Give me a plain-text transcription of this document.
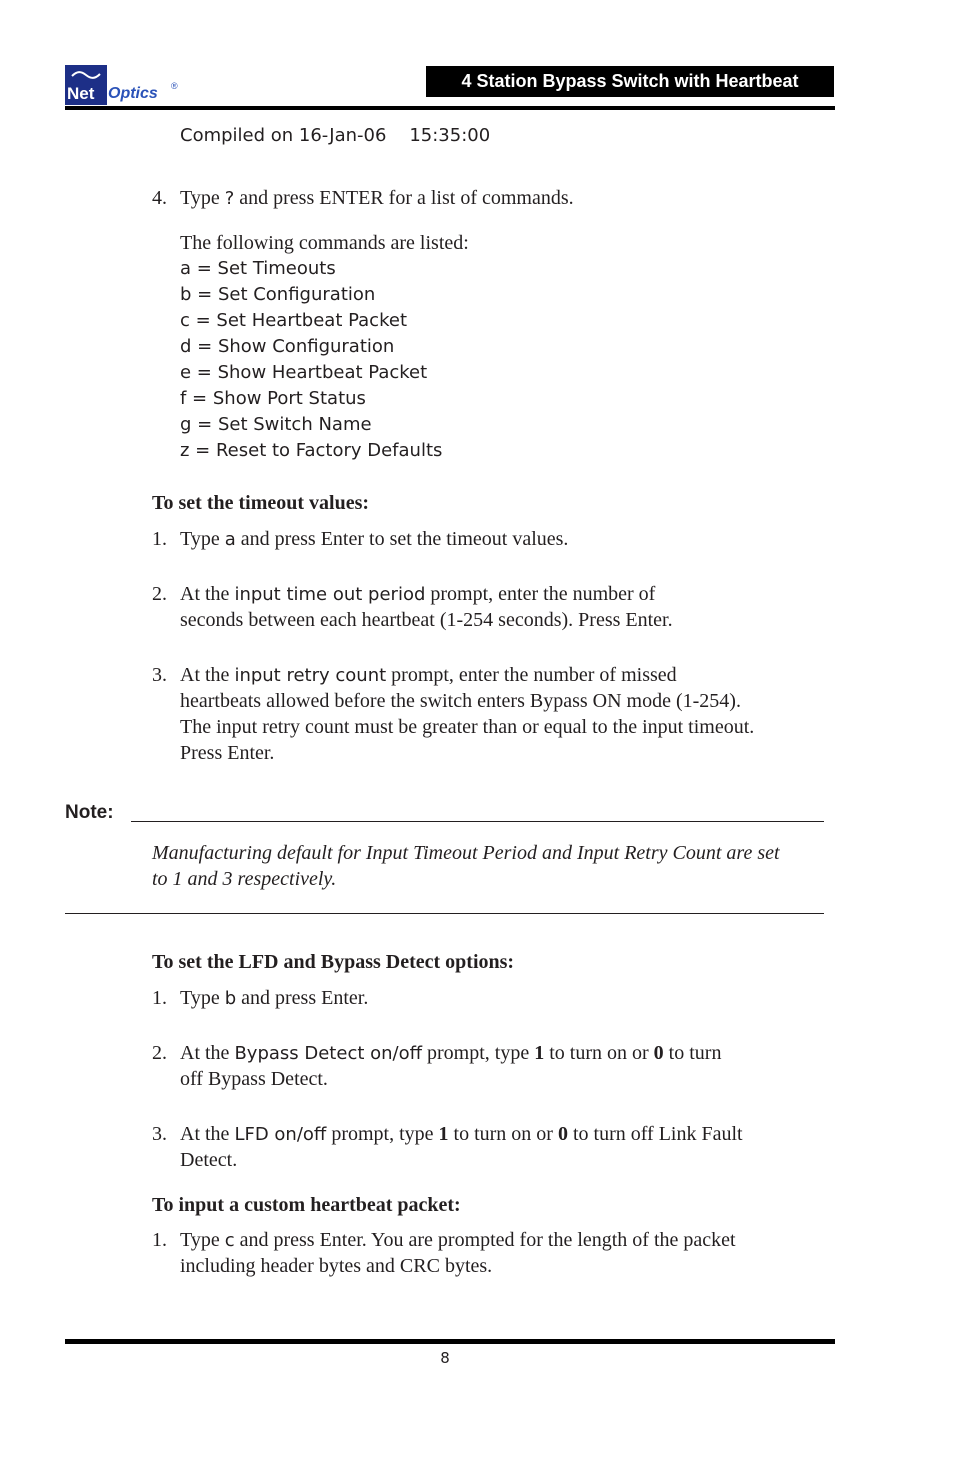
Net Optics ®	4 Station Bypass Switch with Heartbeat
Compiled on 16-Jan-06    15:35:00
4. Type ? and press ENTER for a list of commands.
The following commands are listed:
a = Set Timeouts
b = Set Configuration
c = Set Heartbeat Packet
d = Show Configuration
e = Show Heartbeat Packet
f = Show Port Status
g = Set Switch Name
z = Reset to Factory Defaults
To set the timeout values:
1. Type a and press Enter to set the timeout values.
2. At the input time out period prompt, enter the number of
seconds between each heartbeat (1-254 seconds). Press Enter.
3. At the input retry count prompt, enter the number of missed
heartbeats allowed before the switch enters Bypass ON mode (1-254).
The input retry count must be greater than or equal to the input timeout.
Press Enter.
Note:
Manufacturing default for Input Timeout Period and Input Retry Count are set
to 1 and 3 respectively.
To set the LFD and Bypass Detect options:
1. Type b and press Enter.
2. At the Bypass Detect on/off prompt, type 1 to turn on or 0 to turn
off Bypass Detect.
3. At the LFD on/off prompt, type 1 to turn on or 0 to turn off Link Fault
Detect.
To input a custom heartbeat packet:
1. Type c and press Enter. You are prompted for the length of the packet
including header bytes and CRC bytes.
8
